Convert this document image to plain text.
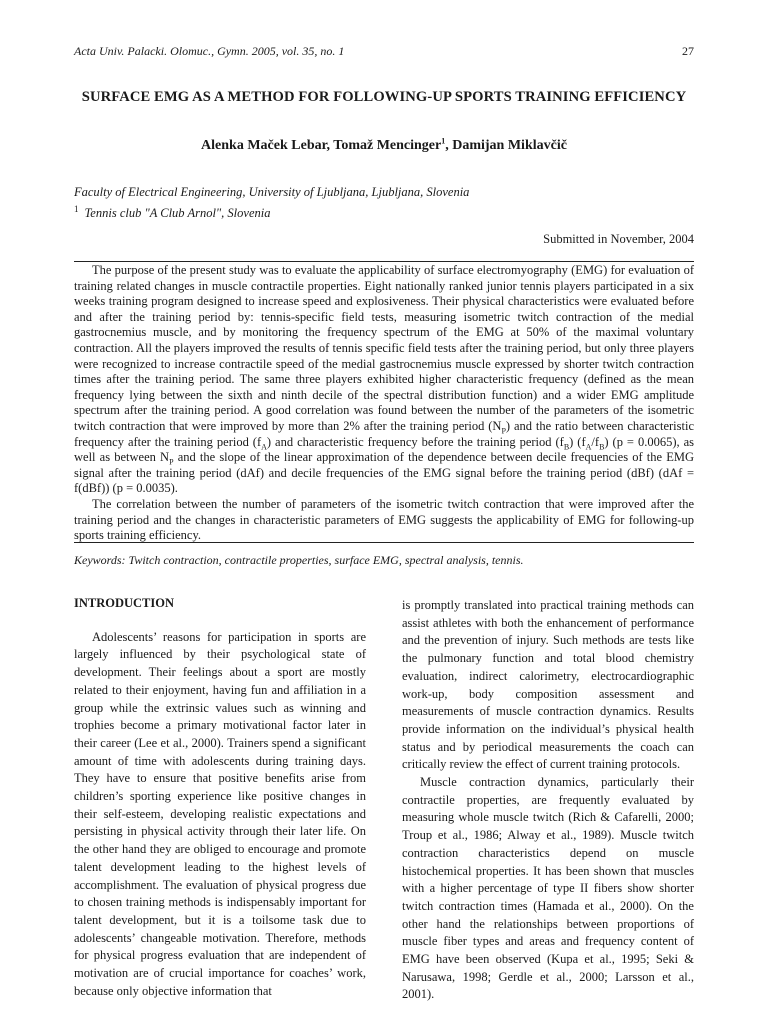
Acta Univ. Palacki. Olomuc., Gymn. 2005, vol. 35, no. 1	27
SURFACE EMG AS A METHOD FOR FOLLOWING-UP SPORTS TRAINING EFFICIENCY
Alenka Maček Lebar, Tomaž Mencinger$^1$, Damijan Miklavčič
Faculty of Electrical Engineering, University of Ljubljana, Ljubljana, Slovenia
$^1$ Tennis club "A Club Arnol", Slovenia
Submitted in November, 2004

The purpose of the present study was to evaluate the applicability of surface electromyography (EMG) for evaluation of training related changes in muscle contractile properties. Eight nationally ranked junior tennis players participated in a six weeks training program designed to increase speed and explosiveness. Their physical characteristics were evaluated before and after the training period by: tennis-specific field tests, measuring isometric twitch contraction of the medial gastrocnemius muscle, and by monitoring the frequency spectrum of the EMG at 50% of the maximal voluntary contraction. All the players improved the results of tennis specific field tests after the training period, but only three players were recognized to increase contractile speed of the medial gastrocnemius muscle expressed by shorter twitch contraction times after the training period. The same three players exhibited higher characteristic frequency (defined as the mean frequency lying between the sixth and ninth decile of the spectral distribution function) and a wider EMG amplitude spectrum after the training period. A good correlation was found between the number of the parameters of the isometric twitch contraction that were improved by more than 2% after the training period $(N_P)$ and the ratio between characteristic frequency after the training period $(f_A)$ and characteristic frequency before the training period $(f_B)$ $(f_A/f_B) (p = 0.0065)$, as well as between $N_P$ and the slope of the linear approximation of the dependence between decile frequencies of the EMG signal after the training period (dAf) and decile frequencies of the EMG signal before the training period (dBf) (dAf = f(dBf)) (p = 0.0035).

The correlation between the number of parameters of the isometric twitch contraction that were improved after the training period and the changes in characteristic parameters of EMG suggests the applicability of EMG for following-up sports training efficiency.

Keywords: Twitch contraction, contractile properties, surface EMG, spectral analysis, tennis.
INTRODUCTION

Adolescents’ reasons for participation in sports are largely influenced by their psychological state of development. Their feelings about a sport are mostly related to their enjoyment, having fun and affiliation in a group while the extrinsic values such as winning and trophies become a primary motivational factor later in their career (Lee et al., 2000). Trainers spend a significant amount of time with adolescents during training days. They have to ensure that positive benefits arise from children’s sporting experience like positive changes in their self-esteem, developing realistic expectations and persisting in physical activity through their later life. On the other hand they are obliged to encourage and promote talent development leading to the highest levels of accomplishment. The evaluation of physical progress due to chosen training methods is indispensably important for talent development, but it is a toilsome task due to adolescents’ changeable motivation. Therefore, methods for physical progress evaluation that are independent of motivation are of crucial importance for coaches’ work, because only objective information that

is promptly translated into practical training methods can assist athletes with both the enhancement of performance and the prevention of injury. Such methods are tests like the pulmonary function and total blood chemistry evaluation, indirect calorimetry, electrocardiographic work-up, body composition assessment and measurements of muscle contraction dynamics. Results provide information on the individual’s physical health status and by periodical measurements the coach can critically review the effect of current training protocols.

Muscle contraction dynamics, particularly their contractile properties, are frequently evaluated by measuring whole muscle twitch (Rich & Cafarelli, 2000; Troup et al., 1986; Alway et al., 1989). Muscle twitch contraction characteristics depend on muscle histochemical properties. It has been shown that muscles with a higher percentage of type II fibers show shorter twitch contraction times (Hamada et al., 2000). On the other hand the relationships between proportions of muscle fiber types and areas and frequency content of EMG have been observed (Kupa et al., 1995; Seki & Narusawa, 1998; Gerdle et al., 2000; Larsson et al., 2001).
